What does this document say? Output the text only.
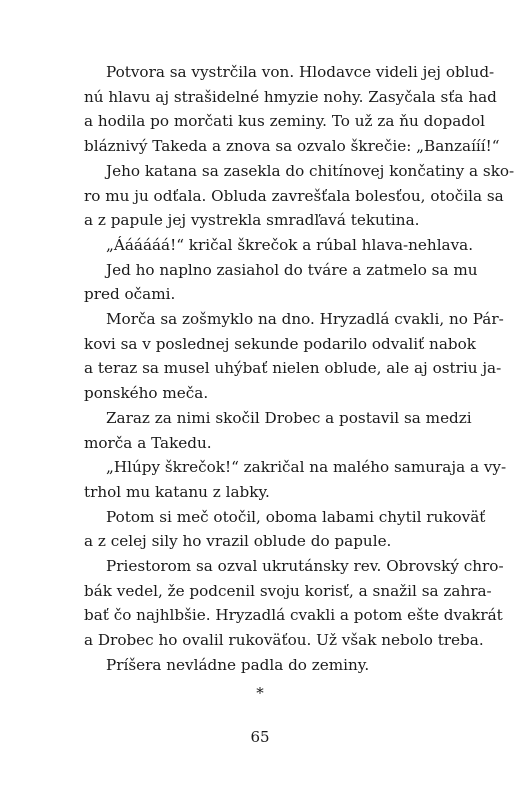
Potvora sa vystrčila von. Hlodavce videli jej oblud-
nú hlavu aj strašidelné hmyzie nohy. Zasyčala sťa had
a hodila po morčati kus zeminy. To už za ňu dopadol
bláznivý Takeda a znova sa ozvalo škrečie: „Banzaííí!“
Jeho katana sa zasekla do chitínovej končatiny a sko-
ro mu ju odťala. Obluda zavrešťala bolesťou, otočila sa
a z papule jej vystrekla smradľavá tekutina.
„Áááááá!“ kričal škrečok a rúbal hlava-nehlava.
Jed ho naplno zasiahol do tváre a zatmelo sa mu
pred očami.
Morča sa zošmyklo na dno. Hryzadlá cvakli, no Pár-
kovi sa v poslednej sekunde podarilo odvaliť nabok
a teraz sa musel uhýbať nielen oblude, ale aj ostriu ja-
ponského meča.
Zaraz za nimi skočil Drobec a postavil sa medzi
morča a Takedu.
„Hlúpy škrečok!“ zakričal na malého samuraja a vy-
trhol mu katanu z labky.
Potom si meč otočil, oboma labami chytil rukoväť
a z celej sily ho vrazil oblude do papule.
Priestorom sa ozval ukrutánsky rev. Obrovský chro-
bák vedel, že podcenil svoju korisť, a snažil sa zahra-
bať čo najhlbšie. Hryzadlá cvakli a potom ešte dvakrát
a Drobec ho ovalil rukoväťou. Už však nebolo treba.
Príšera nevládne padla do zeminy.
*
65
